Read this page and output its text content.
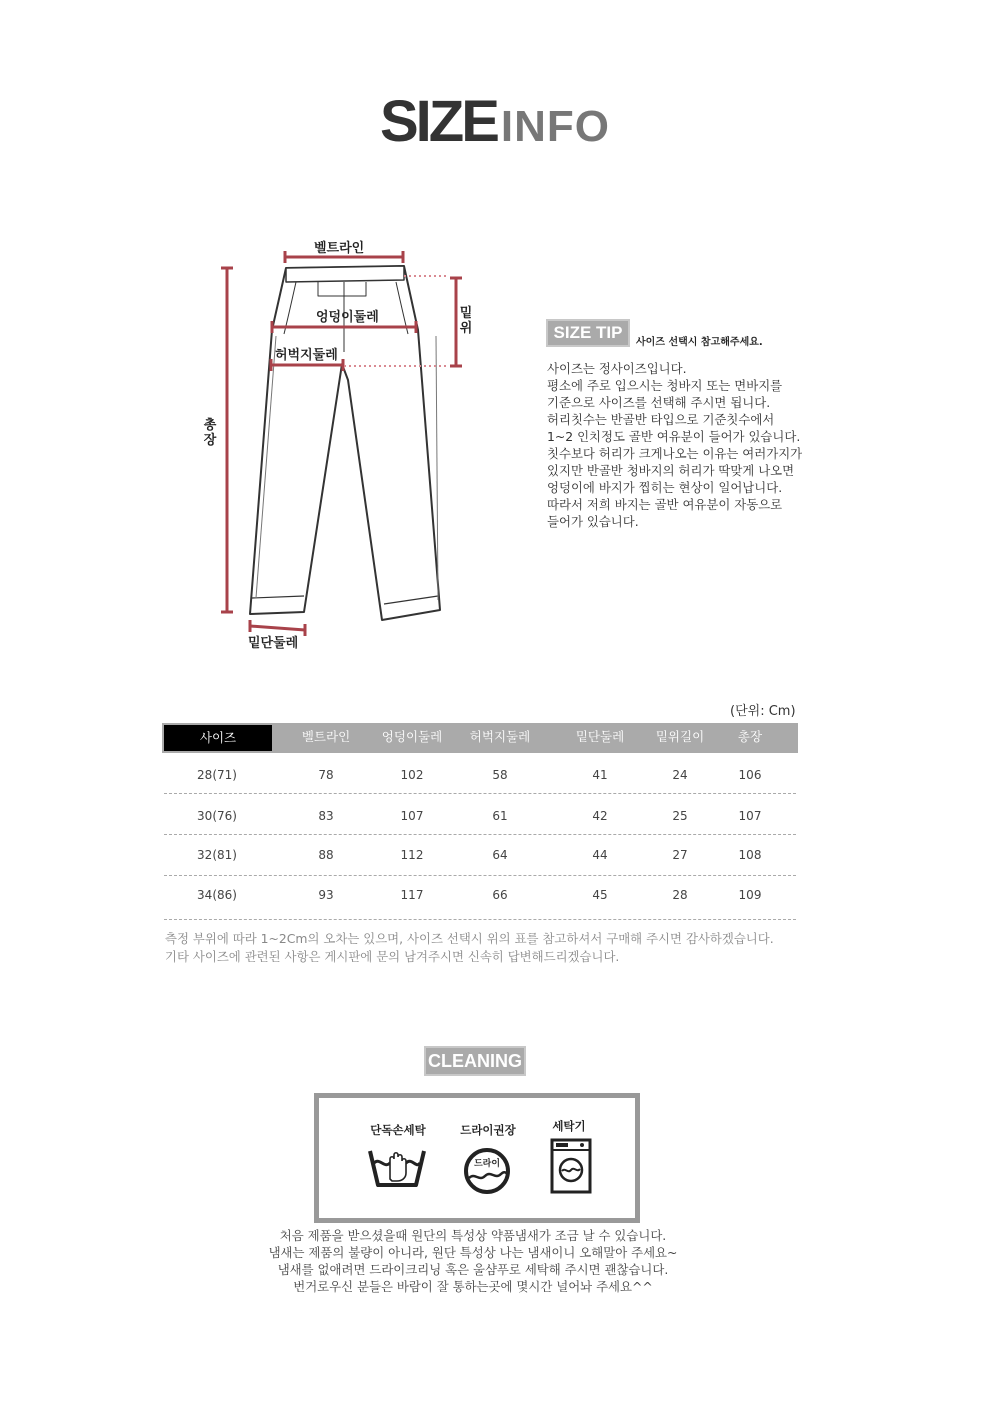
SIZEINFO
벨트라인
엉덩이둘레
허벅지둘레
밑단둘레
밑위
총장
SIZE TIP
사이즈 선택시 참고해주세요.
사이즈는 정사이즈입니다.
평소에 주로 입으시는 청바지 또는 면바지를
기준으로 사이즈를 선택해 주시면 됩니다.
허리칫수는 반골반 타입으로 기준칫수에서
1~2 인치정도 골반 여유분이 들어가 있습니다.
칫수보다 허리가 크게나오는 이유는 여러가지가
있지만 반골반 청바지의 허리가 딱맞게 나오면
엉덩이에 바지가 찝히는 현상이 일어납니다.
따라서 저희 바지는 골반 여유분이 자동으로
들어가 있습니다.
(단위: Cm)
사이즈	벨트라인	엉덩이둘레	허벅지둘레	밑단둘레	밑위길이	총장
28(71)	78	102	58	41	24	106
30(76)	83	107	61	42	25	107
32(81)	88	112	64	44	27	108
34(86)	93	117	66	45	28	109
측정 부위에 따라 1~2Cm의 오차는 있으며, 사이즈 선택시 위의 표를 참고하셔서 구매해 주시면 감사하겠습니다.
기타 사이즈에 관련된 사항은 게시판에 문의 남겨주시면 신속히 답변해드리겠습니다.
CLEANING
단독손세탁	드라이권장	세탁기
드라이
처음 제품을 받으셨을때 원단의 특성상 약품냄새가 조금 날 수 있습니다.
냄새는 제품의 불량이 아니라, 원단 특성상 나는 냄새이니 오해말아 주세요~
냄새를 없애려면 드라이크리닝 혹은 울샴푸로 세탁해 주시면 괜찮습니다.
번거로우신 분들은 바람이 잘 통하는곳에 몇시간 널어놔 주세요^^
